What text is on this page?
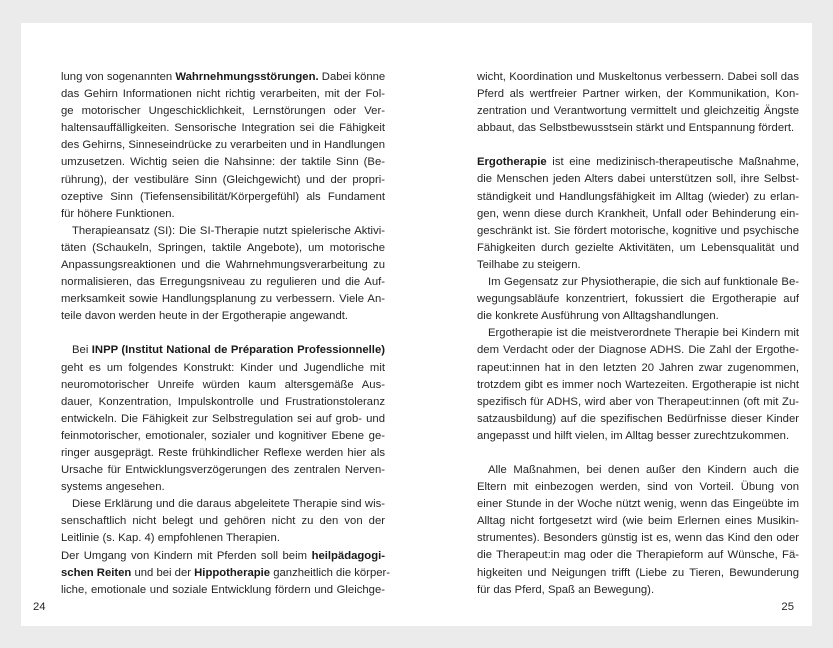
lung von sogenannten Wahrnehmungsstörungen. Dabei könne
das Gehirn Informationen nicht richtig verarbeiten, mit der Fol-
ge motorischer Ungeschicklichkeit, Lernstörungen oder Ver-
haltensauffälligkeiten. Sensorische Integration sei die Fähigkeit
des Gehirns, Sinneseindrücke zu verarbeiten und in Handlungen
umzusetzen. Wichtig seien die Nahsinne: der taktile Sinn (Be-
rührung), der vestibuläre Sinn (Gleichgewicht) und der propri-
ozeptive Sinn (Tiefensensibilität/Körpergefühl) als Fundament
für höhere Funktionen.
Therapieansatz (SI): Die SI-Therapie nutzt spielerische Aktivi-
täten (Schaukeln, Springen, taktile Angebote), um motorische
Anpassungsreaktionen und die Wahrnehmungsverarbeitung zu
normalisieren, das Erregungsniveau zu regulieren und die Auf-
merksamkeit sowie Handlungsplanung zu verbessern. Viele An-
teile davon werden heute in der Ergotherapie angewandt.
Bei INPP (Institut National de Préparation Professionnelle)
geht es um folgendes Konstrukt: Kinder und Jugendliche mit
neuromotorischer Unreife würden kaum altersgemäße Aus-
dauer, Konzentration, Impulskontrolle und Frustrationstoleranz
entwickeln. Die Fähigkeit zur Selbstregulation sei auf grob- und
feinmotorischer, emotionaler, sozialer und kognitiver Ebene ge-
ringer ausgeprägt. Reste frühkindlicher Reflexe werden hier als
Ursache für Entwicklungsverzögerungen des zentralen Nerven-
systems angesehen.
Diese Erklärung und die daraus abgeleitete Therapie sind wis-
senschaftlich nicht belegt und gehören nicht zu den von der
Leitlinie (s. Kap. 4) empfohlenen Therapien.
Der Umgang von Kindern mit Pferden soll beim heilpädagogi-
schen Reiten und bei der Hippotherapie ganzheitlich die körper-
liche, emotionale und soziale Entwicklung fördern und Gleichge-
24
wicht, Koordination und Muskeltonus verbessern. Dabei soll das
Pferd als wertfreier Partner wirken, der Kommunikation, Kon-
zentration und Verantwortung vermittelt und gleichzeitig Ängste
abbaut, das Selbstbewusstsein stärkt und Entspannung fördert.
Ergotherapie ist eine medizinisch-therapeutische Maßnahme,
die Menschen jeden Alters dabei unterstützen soll, ihre Selbst-
ständigkeit und Handlungsfähigkeit im Alltag (wieder) zu erlan-
gen, wenn diese durch Krankheit, Unfall oder Behinderung ein-
geschränkt ist. Sie fördert motorische, kognitive und psychische
Fähigkeiten durch gezielte Aktivitäten, um Lebensqualität und
Teilhabe zu steigern.
Im Gegensatz zur Physiotherapie, die sich auf funktionale Be-
wegungsabläufe konzentriert, fokussiert die Ergotherapie auf
die konkrete Ausführung von Alltagshandlungen.
Ergotherapie ist die meistverordnete Therapie bei Kindern mit
dem Verdacht oder der Diagnose ADHS. Die Zahl der Ergothe-
rapeut:innen hat in den letzten 20 Jahren zwar zugenommen,
trotzdem gibt es immer noch Wartezeiten. Ergotherapie ist nicht
spezifisch für ADHS, wird aber von Therapeut:innen (oft mit Zu-
satzausbildung) auf die spezifischen Bedürfnisse dieser Kinder
angepasst und hilft vielen, im Alltag besser zurechtzukommen.
Alle Maßnahmen, bei denen außer den Kindern auch die
Eltern mit einbezogen werden, sind von Vorteil. Übung von
einer Stunde in der Woche nützt wenig, wenn das Eingeübte im
Alltag nicht fortgesetzt wird (wie beim Erlernen eines Musikin-
strumentes). Besonders günstig ist es, wenn das Kind den oder
die Therapeut:in mag oder die Therapieform auf Wünsche, Fä-
higkeiten und Neigungen trifft (Liebe zu Tieren, Bewunderung
für das Pferd, Spaß an Bewegung).
25
